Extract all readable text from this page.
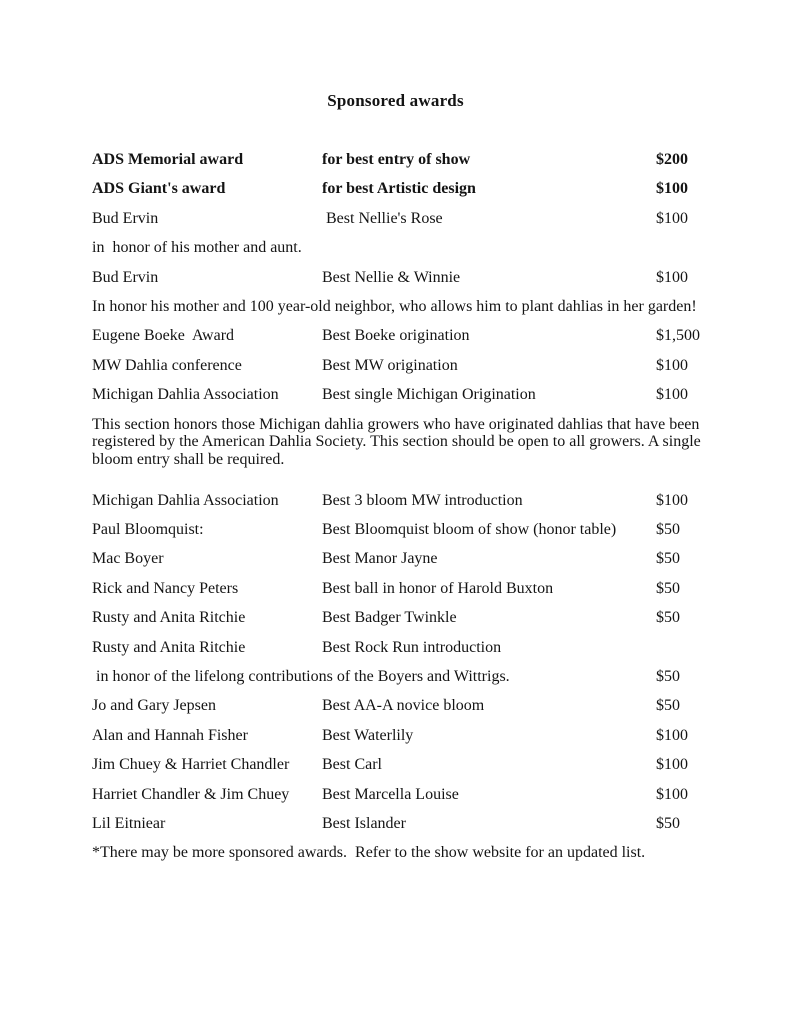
Sponsored awards
ADS Memorial award	for best entry of show	$200
ADS Giant's award	for best Artistic design	$100
Bud Ervin	Best Nellie's Rose	$100
in  honor of his mother and aunt.
Bud Ervin	Best Nellie & Winnie	$100
In honor his mother and 100 year-old neighbor, who allows him to plant dahlias in her garden!
Eugene Boeke  Award	Best Boeke origination	$1,500
MW Dahlia conference	Best MW origination	$100
Michigan Dahlia Association	Best single Michigan Origination	$100
This section honors those Michigan dahlia growers who have originated dahlias that have been registered by the American Dahlia Society. This section should be open to all growers. A single bloom entry shall be required.
Michigan Dahlia Association	Best 3 bloom MW introduction	$100
Paul Bloomquist:	Best Bloomquist bloom of show (honor table)	$50
Mac Boyer	Best Manor Jayne	$50
Rick and Nancy Peters	Best ball in honor of Harold Buxton	$50
Rusty and Anita Ritchie	Best Badger Twinkle	$50
Rusty and Anita Ritchie	Best Rock Run introduction
in honor of the lifelong contributions of the Boyers and Wittrigs.	$50
Jo and Gary Jepsen	Best AA-A novice bloom	$50
Alan and Hannah Fisher	Best Waterlily	$100
Jim Chuey & Harriet Chandler	Best Carl	$100
Harriet Chandler & Jim Chuey	Best Marcella Louise	$100
Lil Eitniear	Best Islander	$50
*There may be more sponsored awards.  Refer to the show website for an updated list.
